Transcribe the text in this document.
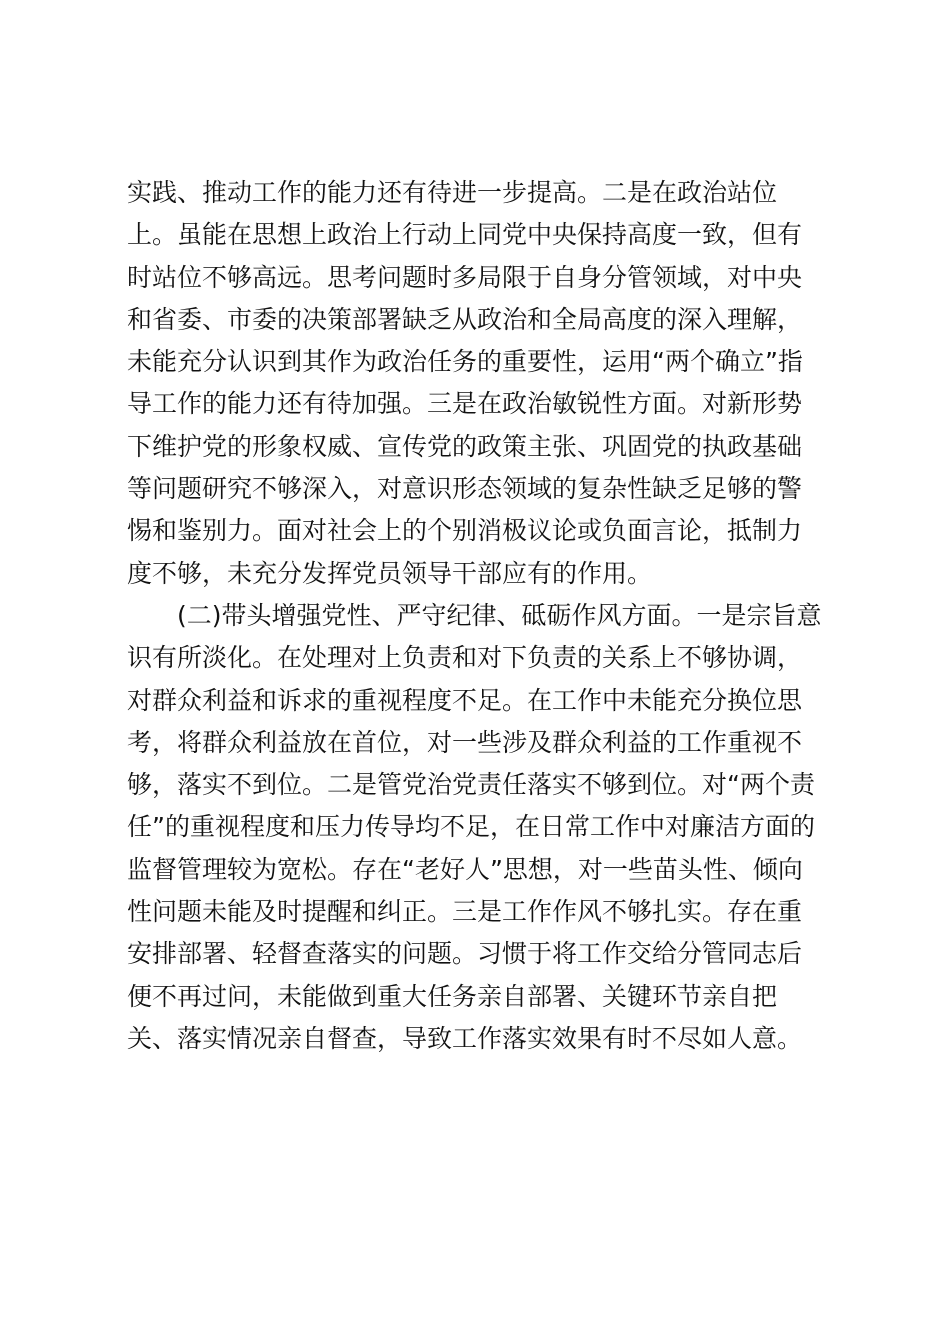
实践、推动工作的能力还有待进一步提高。二是在政治站位
上。虽能在思想上政治上行动上同党中央保持高度一致，但有
时站位不够高远。思考问题时多局限于自身分管领域，对中央
和省委、市委的决策部署缺乏从政治和全局高度的深入理解，
未能充分认识到其作为政治任务的重要性，运用“两个确立”指
导工作的能力还有待加强。三是在政治敏锐性方面。对新形势
下维护党的形象权威、宣传党的政策主张、巩固党的执政基础
等问题研究不够深入，对意识形态领域的复杂性缺乏足够的警
惕和鉴别力。面对社会上的个别消极议论或负面言论，抵制力
度不够，未充分发挥党员领导干部应有的作用。
(二)带头增强党性、严守纪律、砥砺作风方面。一是宗旨意
识有所淡化。在处理对上负责和对下负责的关系上不够协调，
对群众利益和诉求的重视程度不足。在工作中未能充分换位思
考，将群众利益放在首位，对一些涉及群众利益的工作重视不
够，落实不到位。二是管党治党责任落实不够到位。对“两个责
任”的重视程度和压力传导均不足，在日常工作中对廉洁方面的
监督管理较为宽松。存在“老好人”思想，对一些苗头性、倾向
性问题未能及时提醒和纠正。三是工作作风不够扎实。存在重
安排部署、轻督查落实的问题。习惯于将工作交给分管同志后
便不再过问，未能做到重大任务亲自部署、关键环节亲自把
关、落实情况亲自督查，导致工作落实效果有时不尽如人意。
